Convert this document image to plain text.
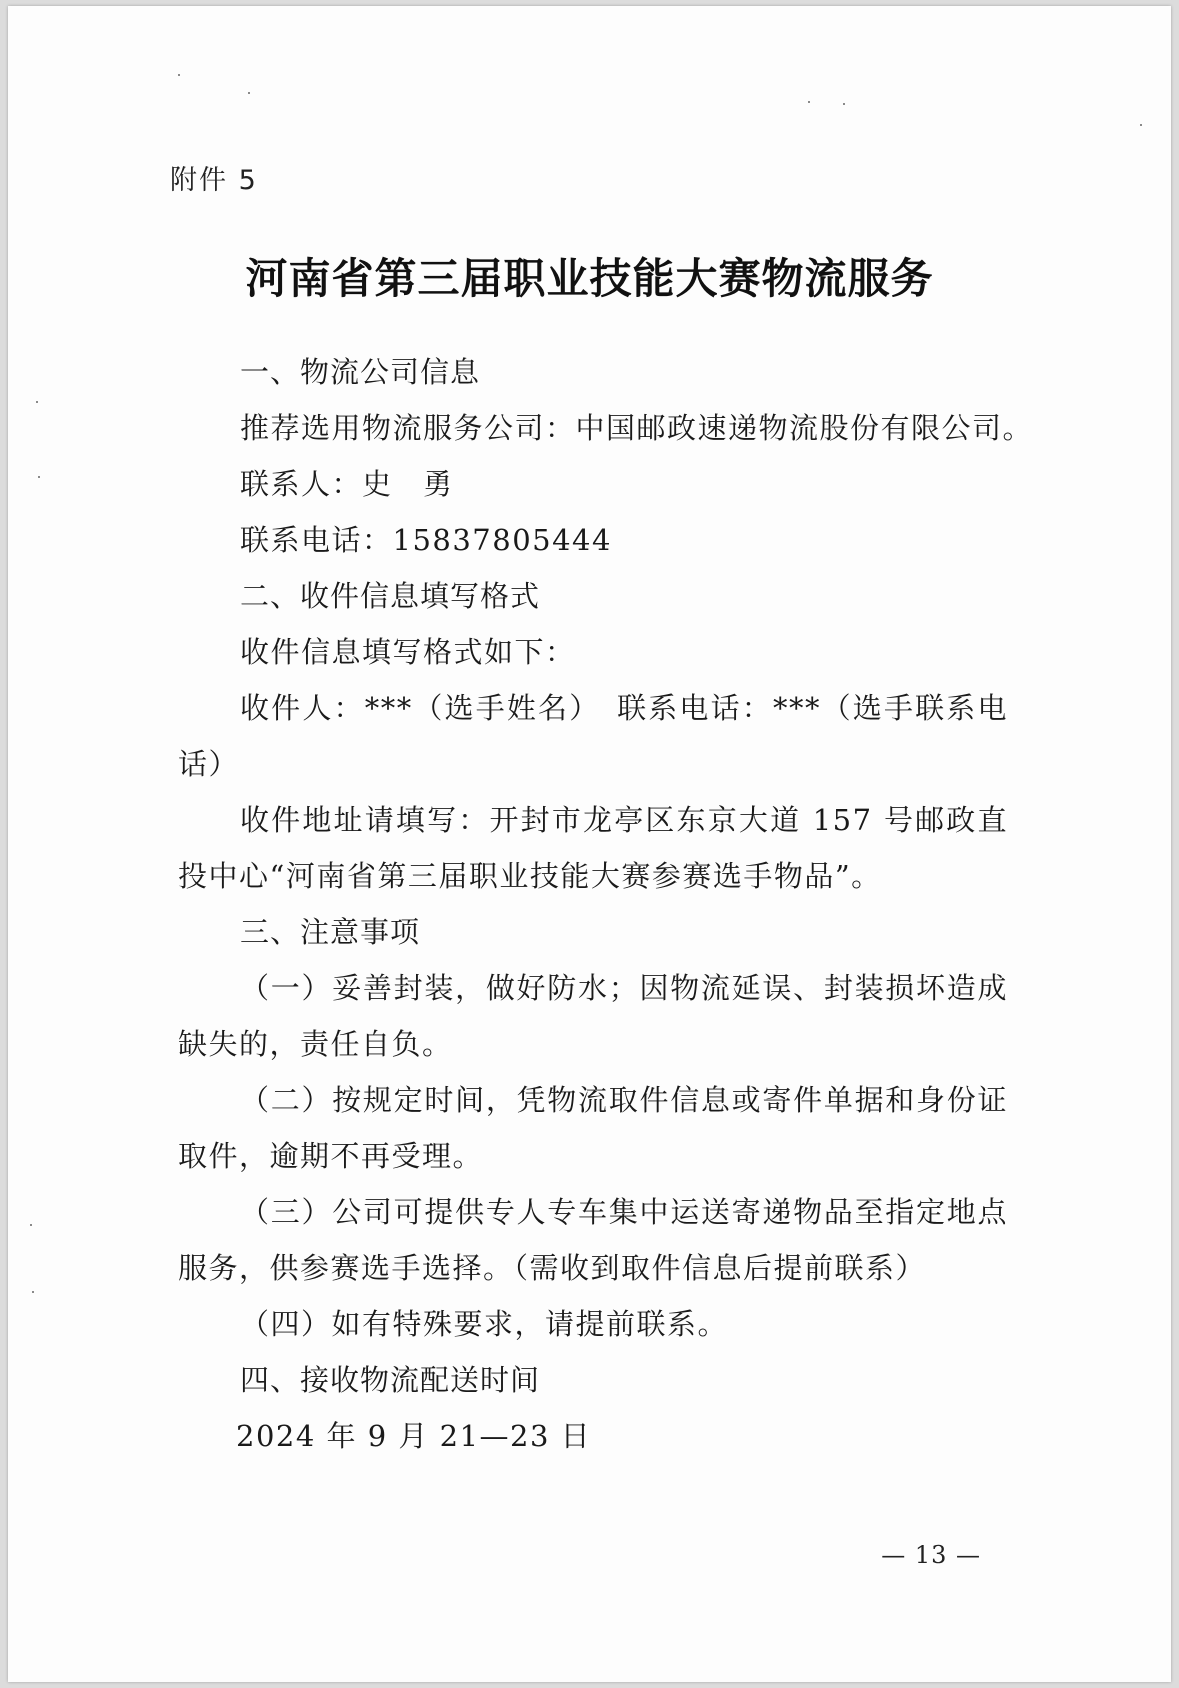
附件 5
河南省第三届职业技能大赛物流服务
一、物流公司信息
推荐选用物流服务公司：中国邮政速递物流股份有限公司。
联系人：史　勇
联系电话：15837805444
二、收件信息填写格式
收件信息填写格式如下：
收件人：***（选手姓名）　联系电话：***（选手联系电话）
收件地址请填写：开封市龙亭区东京大道 157 号邮政直投中心“河南省第三届职业技能大赛参赛选手物品”。
三、注意事项
（一）妥善封装，做好防水；因物流延误、封装损坏造成缺失的，责任自负。
（二）按规定时间，凭物流取件信息或寄件单据和身份证取件，逾期不再受理。
（三）公司可提供专人专车集中运送寄递物品至指定地点服务，供参赛选手选择。（需收到取件信息后提前联系）
（四）如有特殊要求，请提前联系。
四、接收物流配送时间
2024 年 9 月 21—23 日
— 13 —
